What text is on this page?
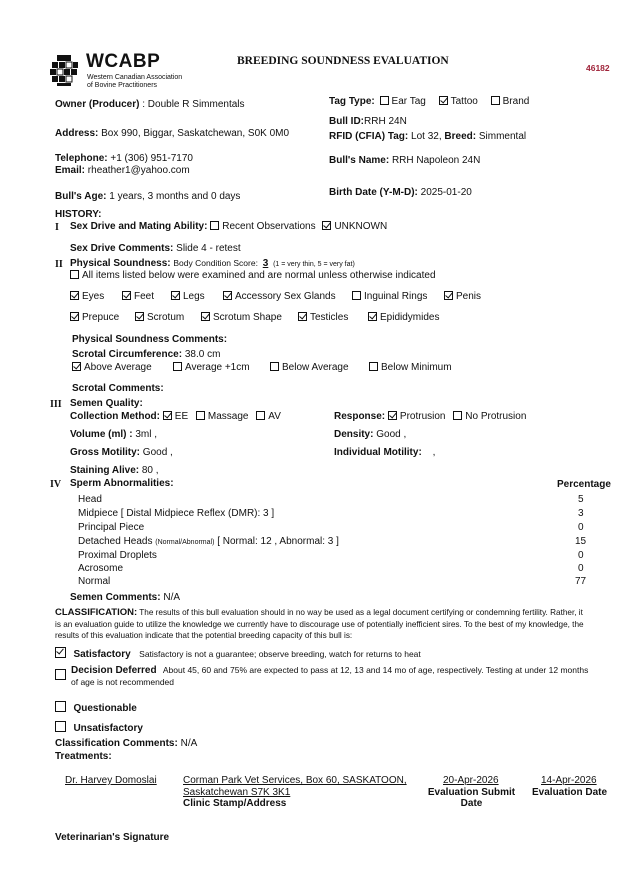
WCABP
Western Canadian Association
of Bovine Practitioners
BREEDING SOUNDNESS EVALUATION
46182
Owner (Producer) : Double R Simmentals
Address: Box 990, Biggar, Saskatchewan, S0K 0M0
Telephone: +1 (306) 951-7170
Email: rheather1@yahoo.com
Bull's Age: 1 years, 3 months and 0 days
Tag Type: Ear Tag Tattoo Brand
Bull ID:RRH 24N
RFID (CFIA) Tag: Lot 32, Breed: Simmental
Bull's Name: RRH Napoleon 24N
Birth Date (Y-M-D): 2025-01-20
HISTORY:
I Sex Drive and Mating Ability: Recent Observations UNKNOWN
Sex Drive Comments: Slide 4 - retest
II Physical Soundness: Body Condition Score: 3 (1 = very thin, 5 = very fat)
All items listed below were examined and are normal unless otherwise indicated
Eyes	Feet	Legs	Accessory Sex Glands	Inguinal Rings	Penis
Prepuce	Scrotum	Scrotum Shape	Testicles	Epididymides
Physical Soundness Comments:
Scrotal Circumference: 38.0 cm
Above Average	Average +1cm	Below Average	Below Minimum
Scrotal Comments:
III Semen Quality:
Collection Method: EE Massage AV	Response: Protrusion No Protrusion
Volume (ml) : 3ml ,	Density: Good ,
Gross Motility: Good ,	Individual Motility: ,
Staining Alive: 80 ,
IV Sperm Abnormalities:	Percentage
Head	5
Midpiece [ Distal Midpiece Reflex (DMR): 3 ]	3
Principal Piece	0
Detached Heads (Normal/Abnormal) [ Normal: 12 , Abnormal: 3 ]	15
Proximal Droplets	0
Acrosome	0
Normal	77
Semen Comments: N/A
CLASSIFICATION: The results of this bull evaluation should in no way be used as a legal document certifying or condemning fertility. Rather, it is an evaluation guide to utilize the knowledge we currently have to discourage use of potentially inefficient sires. To the best of my knowledge, the results of this evaluation indicate that the potential breeding capacity of this bull is:
Satisfactory Satisfactory is not a guarantee; observe breeding, watch for returns to heat
Decision Deferred About 45, 60 and 75% are expected to pass at 12, 13 and 14 mo of age, respectively. Testing at under 12 months of age is not recommended
Questionable
Unsatisfactory
Classification Comments: N/A
Treatments:
Dr. Harvey Domoslai	Corman Park Vet Services, Box 60, SASKATOON,
Saskatchewan S7K 3K1
Clinic Stamp/Address
20-Apr-2026
Evaluation Submit
Date
14-Apr-2026
Evaluation Date
Veterinarian's Signature
